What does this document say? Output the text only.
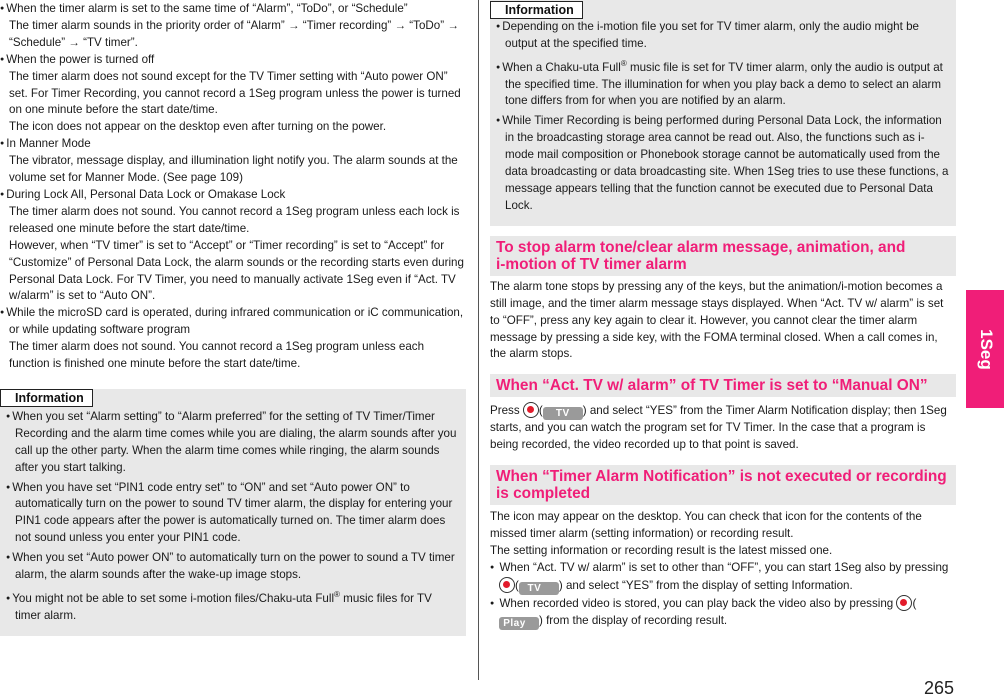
● When the timer alarm is set to the same time of “Alarm”, “ToDo”, or “Schedule”
The timer alarm sounds in the priority order of “Alarm” → “Timer recording” → “ToDo” → “Schedule” → “TV timer”.
● When the power is turned off
The timer alarm does not sound except for the TV Timer setting with “Auto power ON” set. For Timer Recording, you cannot record a 1Seg program unless the power is turned on one minute before the start date/time.
The icon does not appear on the desktop even after turning on the power.
● In Manner Mode
The vibrator, message display, and illumination light notify you. The alarm sounds at the volume set for Manner Mode. (See page 109)
● During Lock All, Personal Data Lock or Omakase Lock
The timer alarm does not sound. You cannot record a 1Seg program unless each lock is released one minute before the start date/time.
However, when “TV timer” is set to “Accept” or “Timer recording” is set to “Accept” for “Customize” of Personal Data Lock, the alarm sounds or the recording starts even during Personal Data Lock. For TV Timer, you need to manually activate 1Seg even if “Act. TV w/alarm” is set to “Auto ON”.
● While the microSD card is operated, during infrared communication or iC communication, or while updating software program
The timer alarm does not sound. You cannot record a 1Seg program unless each function is finished one minute before the start date/time.
Information
● When you set “Alarm setting” to “Alarm preferred” for the setting of TV Timer/Timer Recording and the alarm time comes while you are dialing, the alarm sounds after you call up the other party. When the alarm time comes while ringing, the alarm sounds after you start talking.
● When you have set “PIN1 code entry set” to “ON” and set “Auto power ON” to automatically turn on the power to sound TV timer alarm, the display for entering your PIN1 code appears after the power is automatically turned on. The timer alarm does not sound unless you enter your PIN1 code.
● When you set “Auto power ON” to automatically turn on the power to sound a TV timer alarm, the alarm sounds after the wake-up image stops.
● You might not be able to set some i-motion files/Chaku-uta Full® music files for TV timer alarm.
Information
● Depending on the i-motion file you set for TV timer alarm, only the audio might be output at the specified time.
● When a Chaku-uta Full® music file is set for TV timer alarm, only the audio is output at the specified time. The illumination for when you play back a demo to select an alarm tone differs from for when you are notified by an alarm.
● While Timer Recording is being performed during Personal Data Lock, the information in the broadcasting storage area cannot be read out. Also, the functions such as i-mode mail composition or Phonebook storage cannot be automatically used from the data broadcasting or data broadcasting site. When 1Seg tries to use these functions, a message appears telling that the function cannot be executed due to Personal Data Lock.
To stop alarm tone/clear alarm message, animation, and
i-motion of TV timer alarm
The alarm tone stops by pressing any of the keys, but the animation/i-motion becomes a still image, and the timer alarm message stays displayed. When “Act. TV w/ alarm” is set to “OFF”, press any key again to clear it. However, you cannot clear the timer alarm message by pressing a side key, with the FOMA terminal closed. When a call comes in, the alarm stops.
When “Act. TV w/ alarm” of TV Timer is set to “Manual ON”
Press ( TV ) and select “YES” from the Timer Alarm Notification display; then 1Seg starts, and you can watch the program set for TV Timer. In the case that a program is being recorded, the video recorded up to that point is saved.
When “Timer Alarm Notification” is not executed or recording
is completed
The icon may appear on the desktop. You can check that icon for the contents of the missed timer alarm (setting information) or recording result.
The setting information or recording result is the latest missed one.
● When “Act. TV w/ alarm” is set to other than “OFF”, you can start 1Seg also by pressing ( TV ) and select “YES” from the display of setting Information.
● When recorded video is stored, you can play back the video also by pressing (Play ) from the display of recording result.
1Seg
265
